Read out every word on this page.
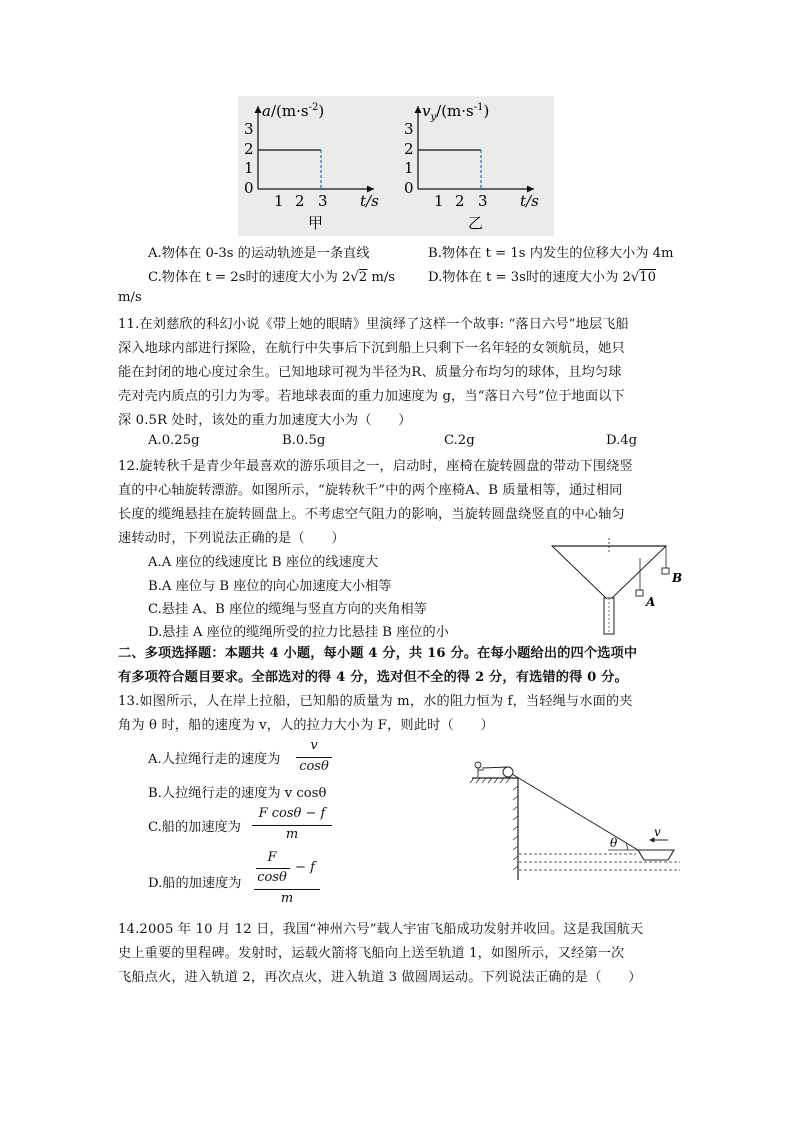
3
2
1
0
1 2 3 t/s
$a/(m\cdot s^{-2})$
甲
3
2
1
0
1 2 3 t/s
$v_y/(m\cdot s^{-1})$
乙
A.物体在 0-3s 的运动轨迹是一条直线	B.物体在 t = 1s 内发生的位移大小为 4m
C.物体在 t = 2s时的速度大小为 2√2 m/s D.物体在 t = 3s时的速度大小为 2√10
m/s
11.在刘慈欣的科幻小说《带上她的眼睛》里演绎了这样一个故事: “落日六号”地层飞船
深入地球内部进行探险，在航行中失事后下沉到船上只剩下一名年轻的女领航员，她只
能在封闭的地心度过余生。已知地球可视为半径为R、质量分布均匀的球体，且均匀球
壳对壳内质点的引力为零。若地球表面的重力加速度为 g，当“落日六号”位于地面以下
深 0.5R 处时，该处的重力加速度大小为（　　）
A.0.25g	B.0.5g	C.2g	D.4g
12.旋转秋千是青少年最喜欢的游乐项目之一，启动时，座椅在旋转圆盘的带动下围绕竖
直的中心轴旋转漂游。如图所示，“旋转秋千”中的两个座椅A、B 质量相等，通过相同
长度的缆绳悬挂在旋转圆盘上。不考虑空气阻力的影响，当旋转圆盘绕竖直的中心轴匀
速转动时，下列说法正确的是（　　）
A.A 座位的线速度比 B 座位的线速度大
B.A 座位与 B 座位的向心加速度大小相等
C.悬挂 A、B 座位的缆绳与竖直方向的夹角相等
D.悬挂 A 座位的缆绳所受的拉力比悬挂 B 座位的小
A
B
二、多项选择题：本题共 4 小题，每小题 4 分，共 16 分。在每小题给出的四个选项中
有多项符合题目要求。全部选对的得 4 分，选对但不全的得 2 分，有选错的得 0 分。
13.如图所示，人在岸上拉船，已知船的质量为 m，水的阻力恒为 f，当轻绳与水面的夹
角为 θ 时，船的速度为 v，人的拉力大小为 F，则此时（　　）
A.人拉绳行走的速度为
v
cosθ
B.人拉绳行走的速度为 v cosθ
C.船的加速度为
F cosθ − f
m
D.船的加速度为
F
cosθ
− f
m
θ
v
14.2005 年 10 月 12 日，我国“神州六号”载人宇宙飞船成功发射并收回。这是我国航天
史上重要的里程碑。发射时，运载火箭将飞船向上送至轨道 1，如图所示，又经第一次
飞船点火，进入轨道 2，再次点火，进入轨道 3 做圆周运动。下列说法正确的是（　　）
